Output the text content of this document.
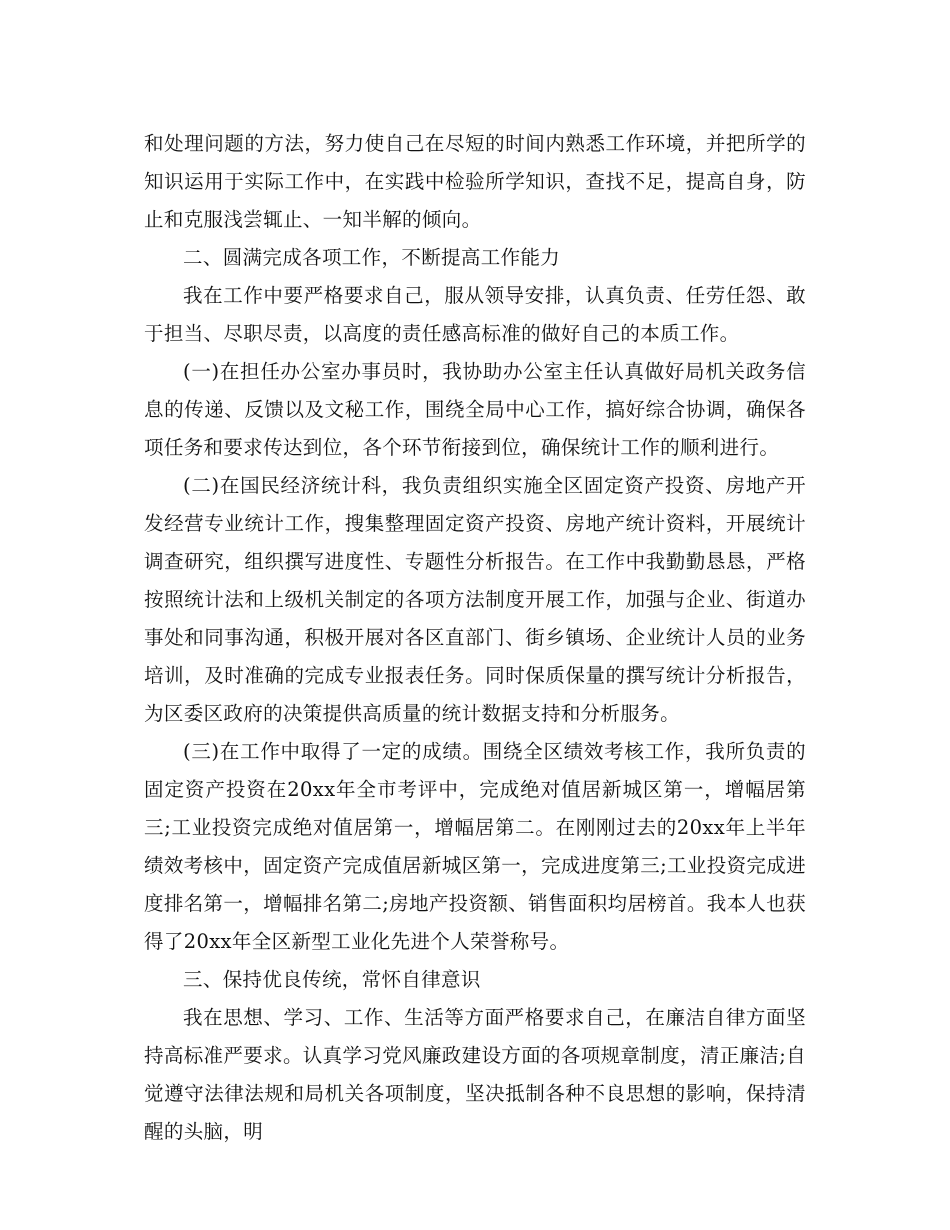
和处理问题的方法，努力使自己在尽短的时间内熟悉工作环境，并把所学的知识运用于实际工作中，在实践中检验所学知识，查找不足，提高自身，防止和克服浅尝辄止、一知半解的倾向。

二、圆满完成各项工作，不断提高工作能力

我在工作中要严格要求自己，服从领导安排，认真负责、任劳任怨、敢于担当、尽职尽责，以高度的责任感高标准的做好自己的本质工作。

(一)在担任办公室办事员时，我协助办公室主任认真做好局机关政务信息的传递、反馈以及文秘工作，围绕全局中心工作，搞好综合协调，确保各项任务和要求传达到位，各个环节衔接到位，确保统计工作的顺利进行。

(二)在国民经济统计科，我负责组织实施全区固定资产投资、房地产开发经营专业统计工作，搜集整理固定资产投资、房地产统计资料，开展统计调查研究，组织撰写进度性、专题性分析报告。在工作中我勤勤恳恳，严格按照统计法和上级机关制定的各项方法制度开展工作，加强与企业、街道办事处和同事沟通，积极开展对各区直部门、街乡镇场、企业统计人员的业务培训，及时准确的完成专业报表任务。同时保质保量的撰写统计分析报告，为区委区政府的决策提供高质量的统计数据支持和分析服务。

(三)在工作中取得了一定的成绩。围绕全区绩效考核工作，我所负责的固定资产投资在20xx年全市考评中，完成绝对值居新城区第一，增幅居第三;工业投资完成绝对值居第一，增幅居第二。在刚刚过去的20xx年上半年绩效考核中，固定资产完成值居新城区第一，完成进度第三;工业投资完成进度排名第一，增幅排名第二;房地产投资额、销售面积均居榜首。我本人也获得了20xx年全区新型工业化先进个人荣誉称号。

三、保持优良传统，常怀自律意识

我在思想、学习、工作、生活等方面严格要求自己，在廉洁自律方面坚持高标准严要求。认真学习党风廉政建设方面的各项规章制度，清正廉洁;自觉遵守法律法规和局机关各项制度，坚决抵制各种不良思想的影响，保持清醒的头脑，明
